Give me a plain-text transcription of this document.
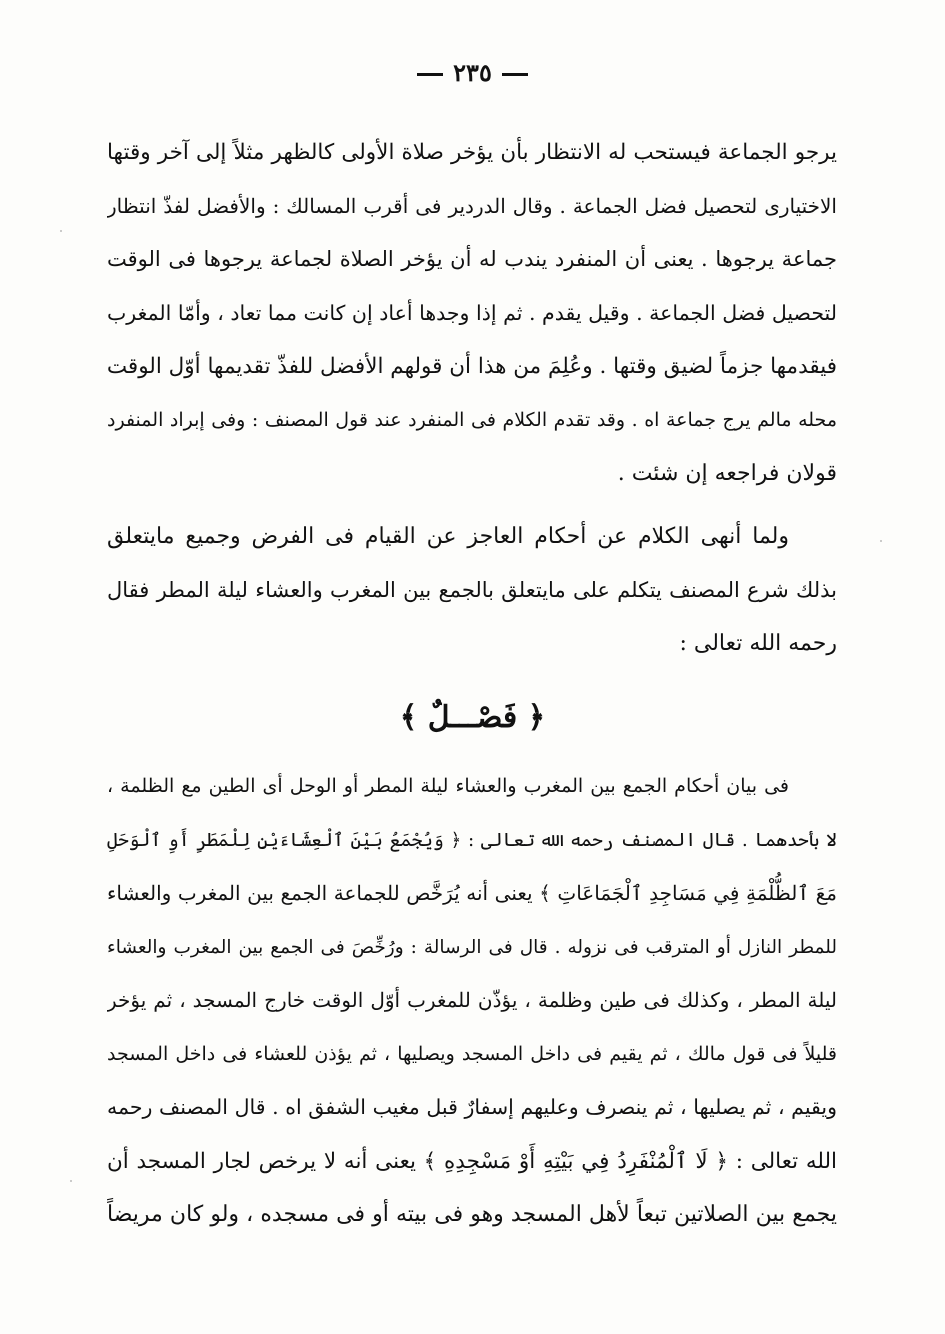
٢٣٥
يرجو الجماعة فيستحب له الانتظار بأن يؤخر صلاة الأولى كالظهر مثلاً إلى آخر وقتها
الاختيارى لتحصيل فضل الجماعة . وقال الدردير فى أقرب المسالك : والأفضل لفذّ انتظار
جماعة يرجوها . يعنى أن المنفرد يندب له أن يؤخر الصلاة لجماعة يرجوها فى الوقت
لتحصيل فضل الجماعة . وقيل يقدم . ثم إذا وجدها أعاد إن كانت مما تعاد ، وأمّا المغرب
فيقدمها جزماً لضيق وقتها . وعُلِمَ من هذا أن قولهم الأفضل للفذّ تقديمها أوّل الوقت
محله مالم يرج جماعة اه . وقد تقدم الكلام فى المنفرد عند قول المصنف : وفى إبراد المنفرد
قولان فراجعه إن شئت .
ولما أنهى الكلام عن أحكام العاجز عن القيام فى الفرض وجميع مايتعلق
بذلك شرع المصنف يتكلم على مايتعلق بالجمع بين المغرب والعشاء ليلة المطر فقال
رحمه الله تعالى :
﴿ فَصْـــلٌ ﴾
فى بيان أحكام الجمع بين المغرب والعشاء ليلة المطر أو الوحل أى الطين مع الظلمة ،
لا بأحدهما . قال المصنف رحمه الله تعالى : ﴿ وَيُجْمَعُ بَيْنَ ٱلْعِشَاءَيْنِ لِلْمَطَرِ أَوِ ٱلْوَحَلِ
مَعَ ٱلظُّلْمَةِ فِي مَسَاجِدِ ٱلْجَمَاعَاتِ ﴾ يعنى أنه يُرَخَّص للجماعة الجمع بين المغرب والعشاء
للمطر النازل أو المترقب فى نزوله . قال فى الرسالة : ورُخِّصَ فى الجمع بين المغرب والعشاء
ليلة المطر ، وكذلك فى طين وظلمة ، يؤذّن للمغرب أوّل الوقت خارج المسجد ، ثم يؤخر
قليلاً فى قول مالك ، ثم يقيم فى داخل المسجد ويصليها ، ثم يؤذن للعشاء فى داخل المسجد
ويقيم ، ثم يصليها ، ثم ينصرف وعليهم إسفارٌ قبل مغيب الشفق اه . قال المصنف رحمه
الله تعالى : ﴿ لَا ٱلْمُنْفَرِدُ فِي بَيْتِهِ أَوْ مَسْجِدِهِ ﴾ يعنى أنه لا يرخص لجار المسجد أن
يجمع بين الصلاتين تبعاً لأهل المسجد وهو فى بيته أو فى مسجده ، ولو كان مريضاً
